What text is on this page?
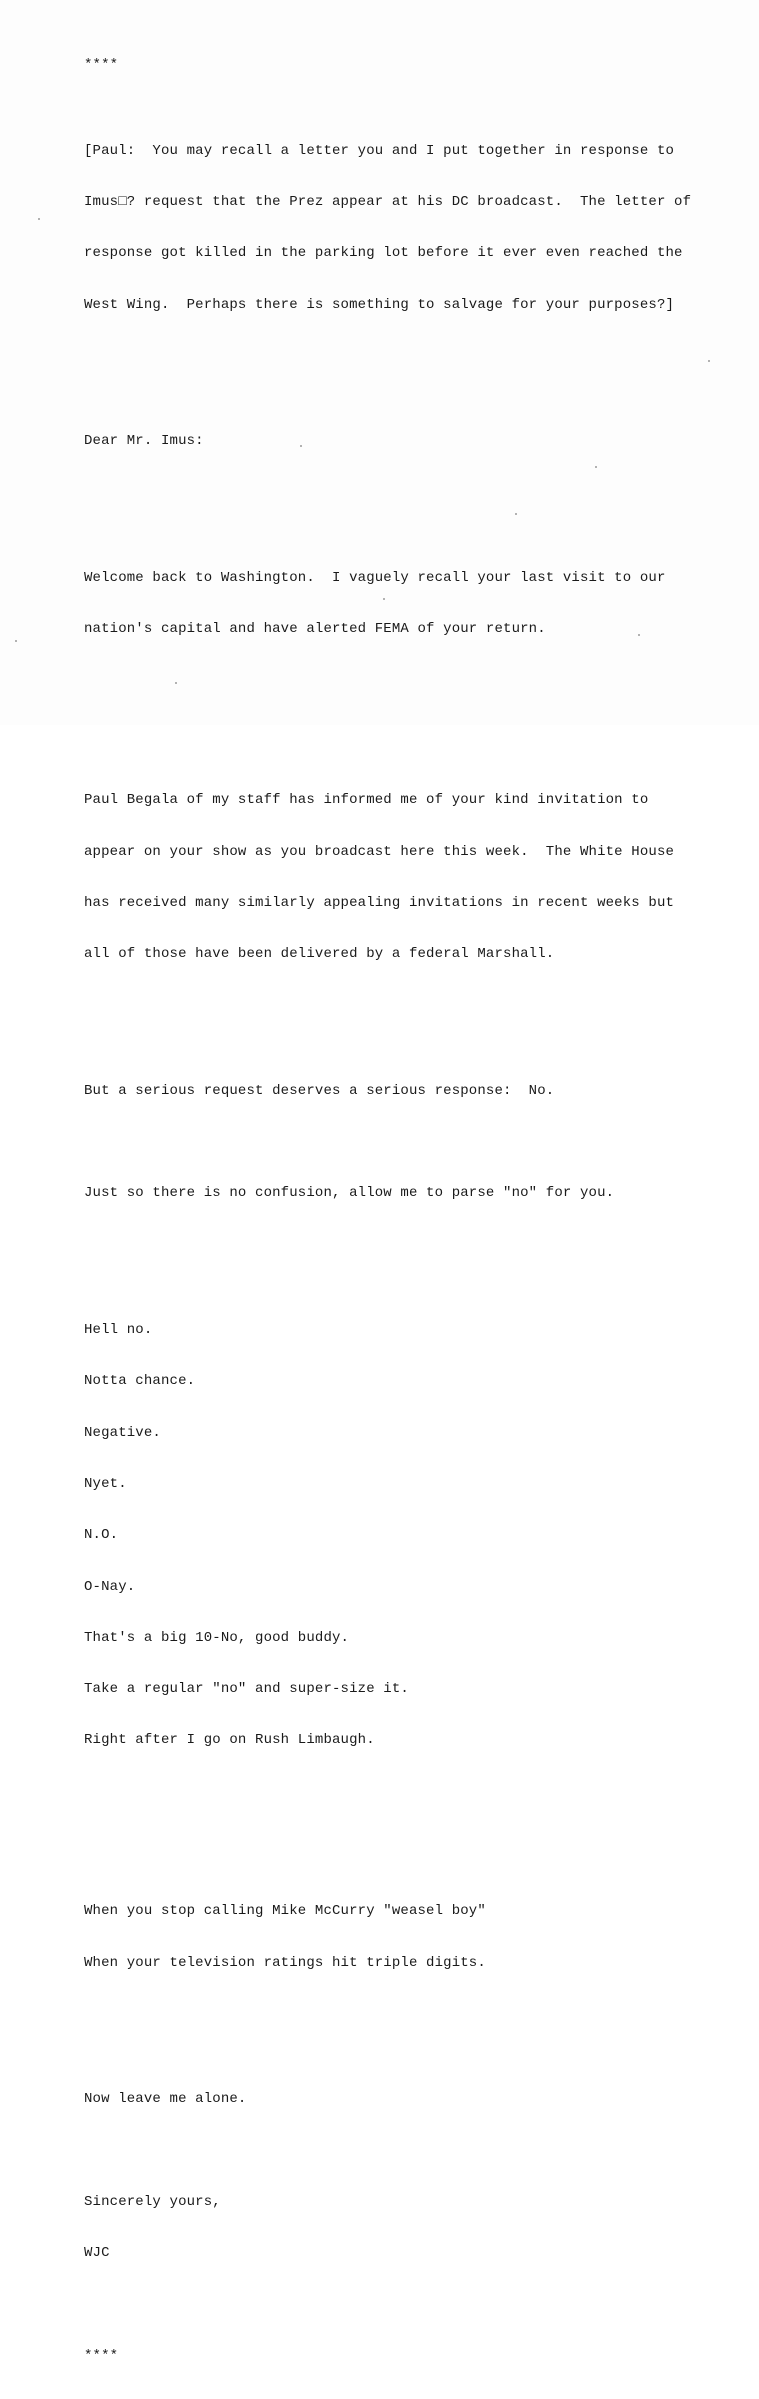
****

[Paul:  You may recall a letter you and I put together in response to

Imus□? request that the Prez appear at his DC broadcast.  The letter of

response got killed in the parking lot before it ever even reached the

West Wing.  Perhaps there is something to salvage for your purposes?]

Dear Mr. Imus:

Welcome back to Washington.  I vaguely recall your last visit to our

nation's capital and have alerted FEMA of your return.

Paul Begala of my staff has informed me of your kind invitation to

appear on your show as you broadcast here this week.  The White House

has received many similarly appealing invitations in recent weeks but

all of those have been delivered by a federal Marshall.

But a serious request deserves a serious response:  No.

Just so there is no confusion, allow me to parse "no" for you.

Hell no.

Notta chance.

Negative.

Nyet.

N.O.

O-Nay.

That's a big 10-No, good buddy.

Take a regular "no" and super-size it.

Right after I go on Rush Limbaugh.

When you stop calling Mike McCurry "weasel boy"

When your television ratings hit triple digits.

Now leave me alone.

Sincerely yours,

WJC

****
